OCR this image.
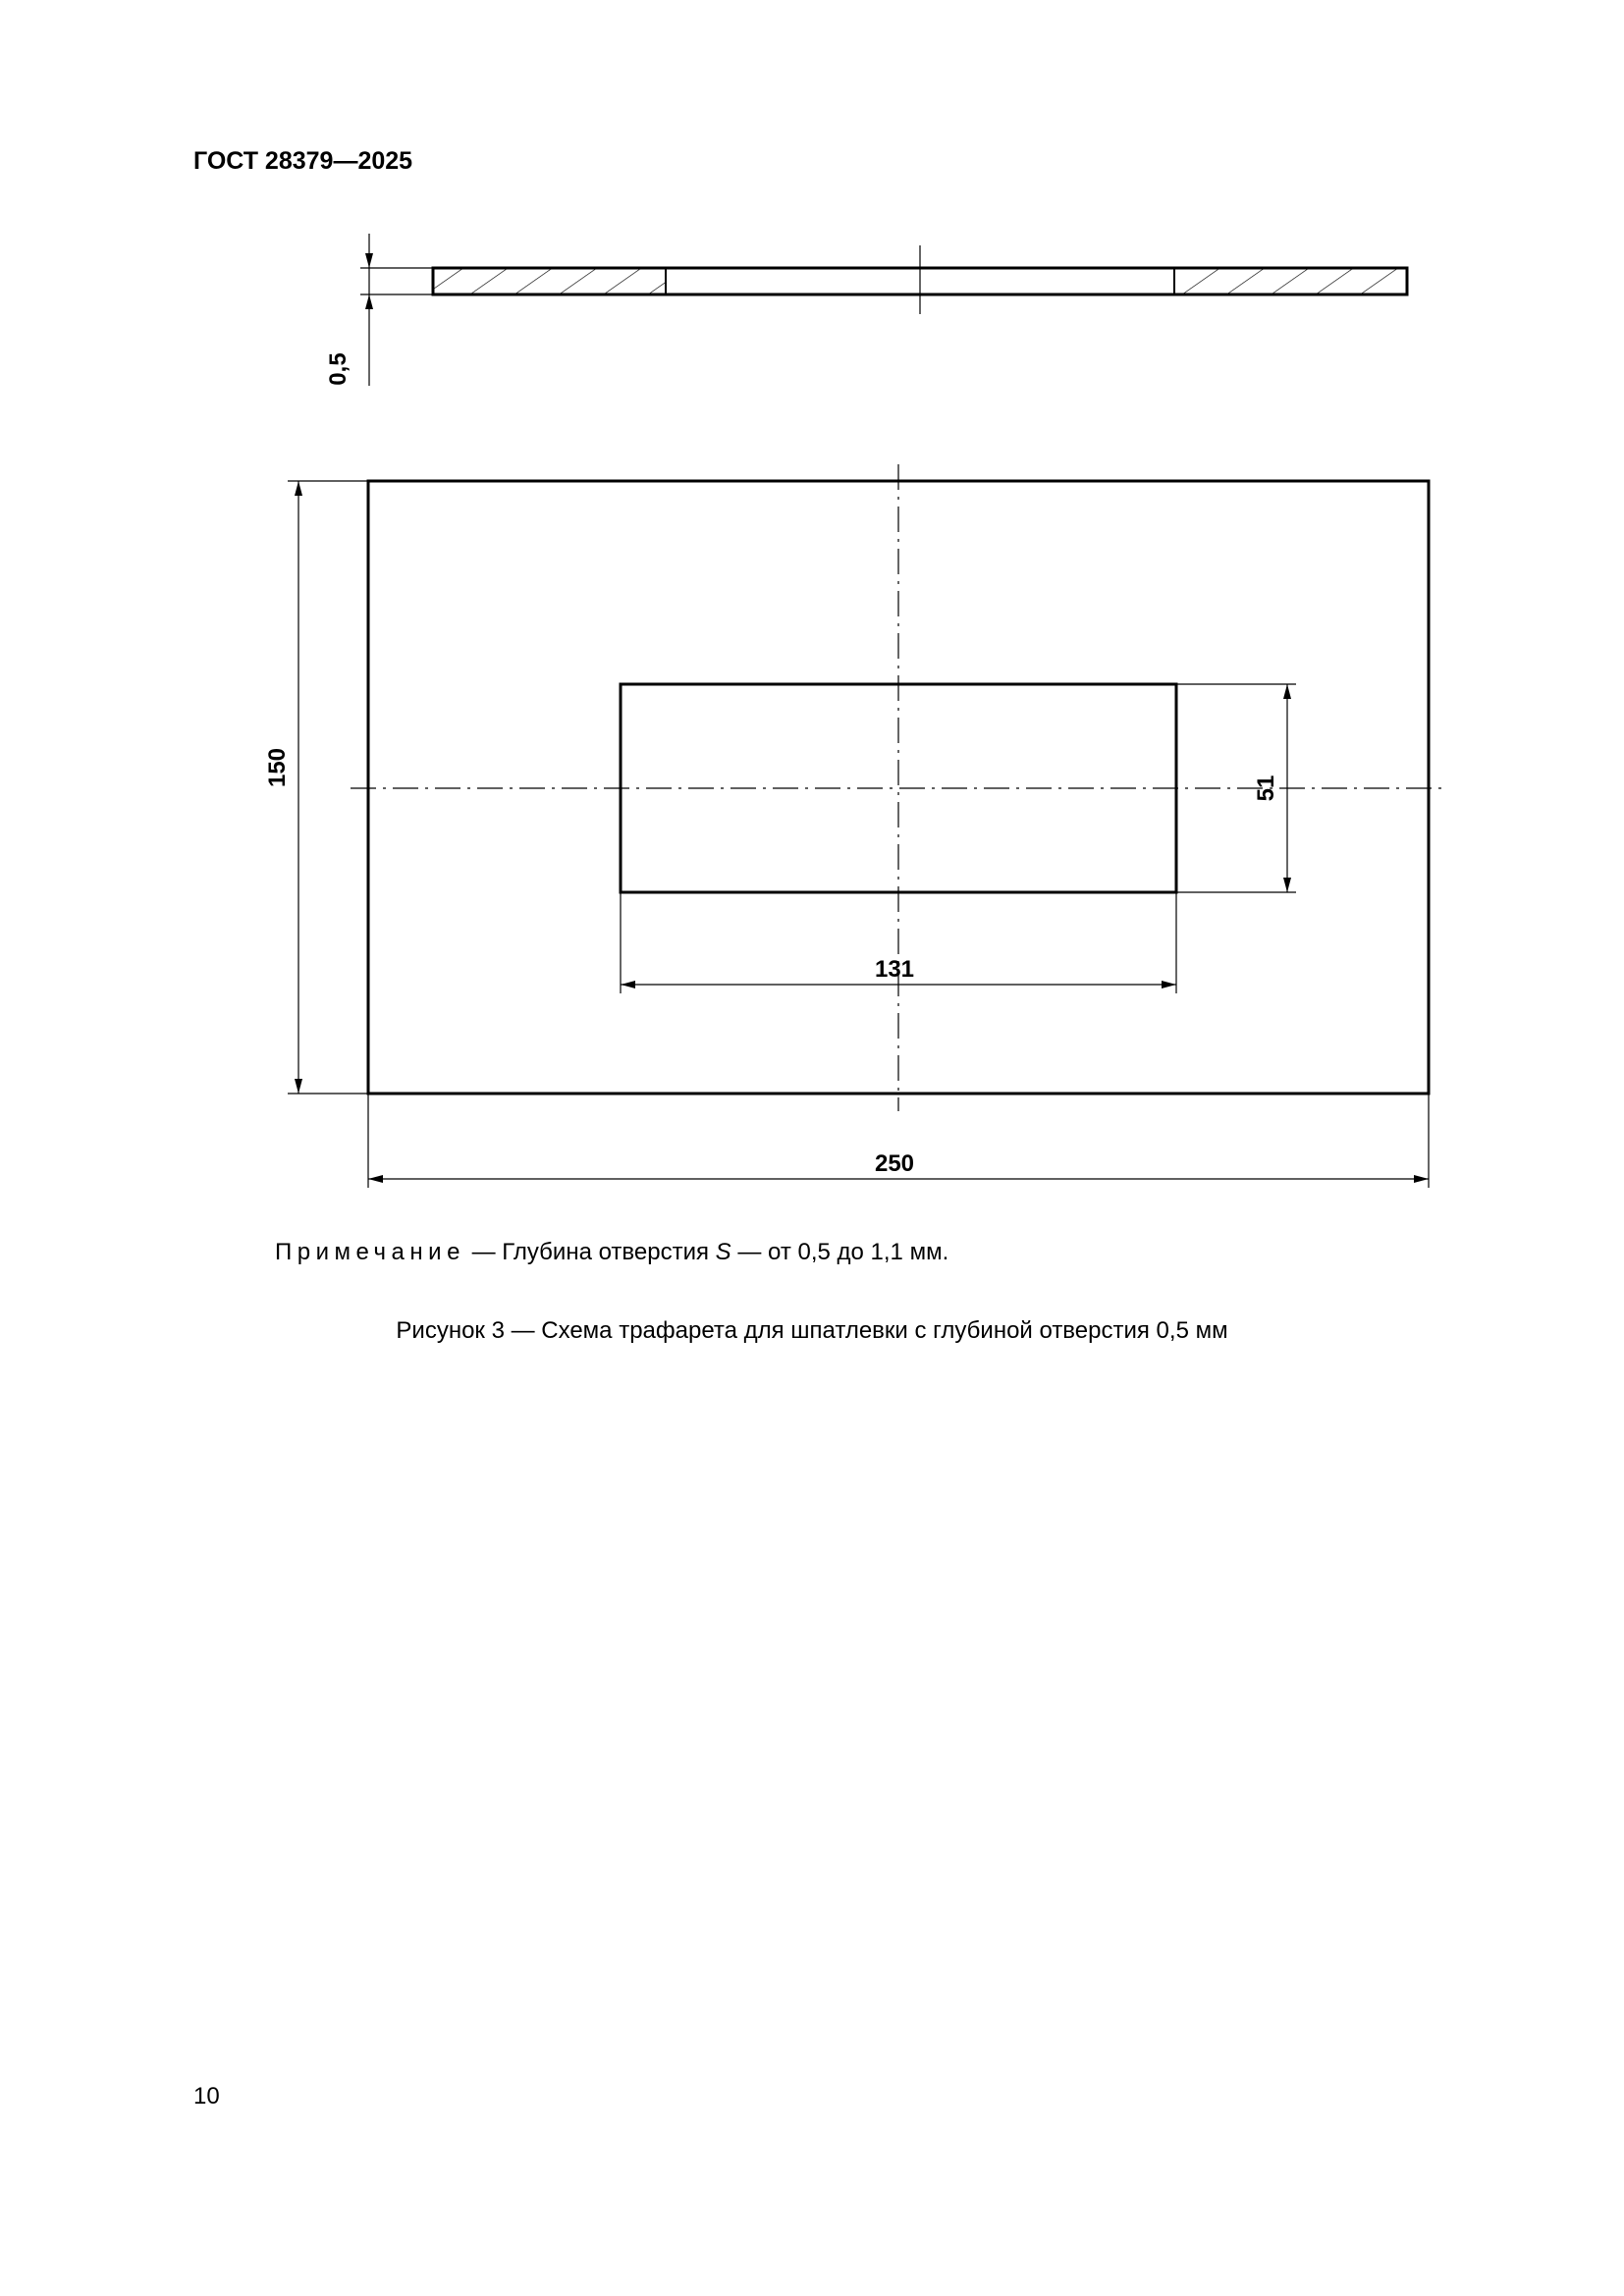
ГОСТ 28379—2025
0,5
150
250
131
51
Примечание — Глубина отверстия S — от 0,5 до 1,1 мм.
Рисунок 3 — Схема трафарета для шпатлевки с глубиной отверстия 0,5 мм
10
